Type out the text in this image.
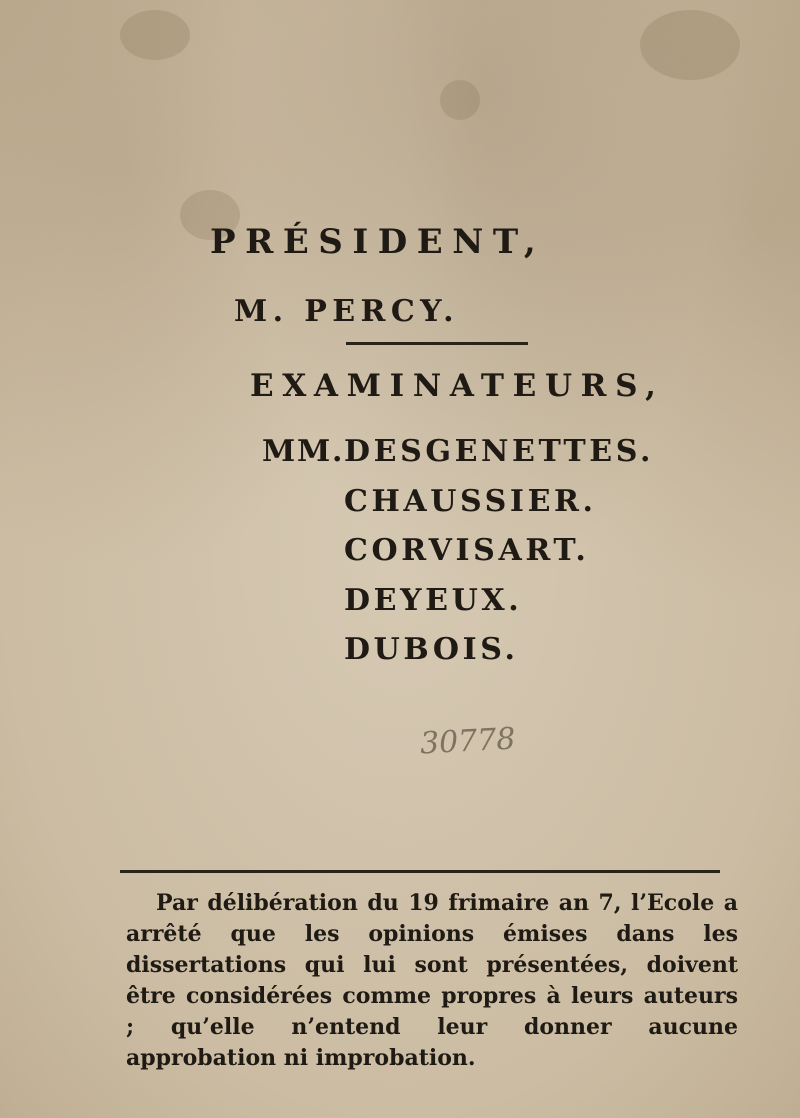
PRÉSIDENT,
M. PERCY.
EXAMINATEURS,
MM. DESGENETTES.
CHAUSSIER.
CORVISART.
DEYEUX.
DUBOIS.
30778
Par délibération du 19 frimaire an 7, l’Ecole a arrêté que les opinions émises dans les dissertations qui lui sont présentées, doivent être considérées comme propres à leurs auteurs ; qu’elle n’entend leur donner aucune approbation ni improbation.
